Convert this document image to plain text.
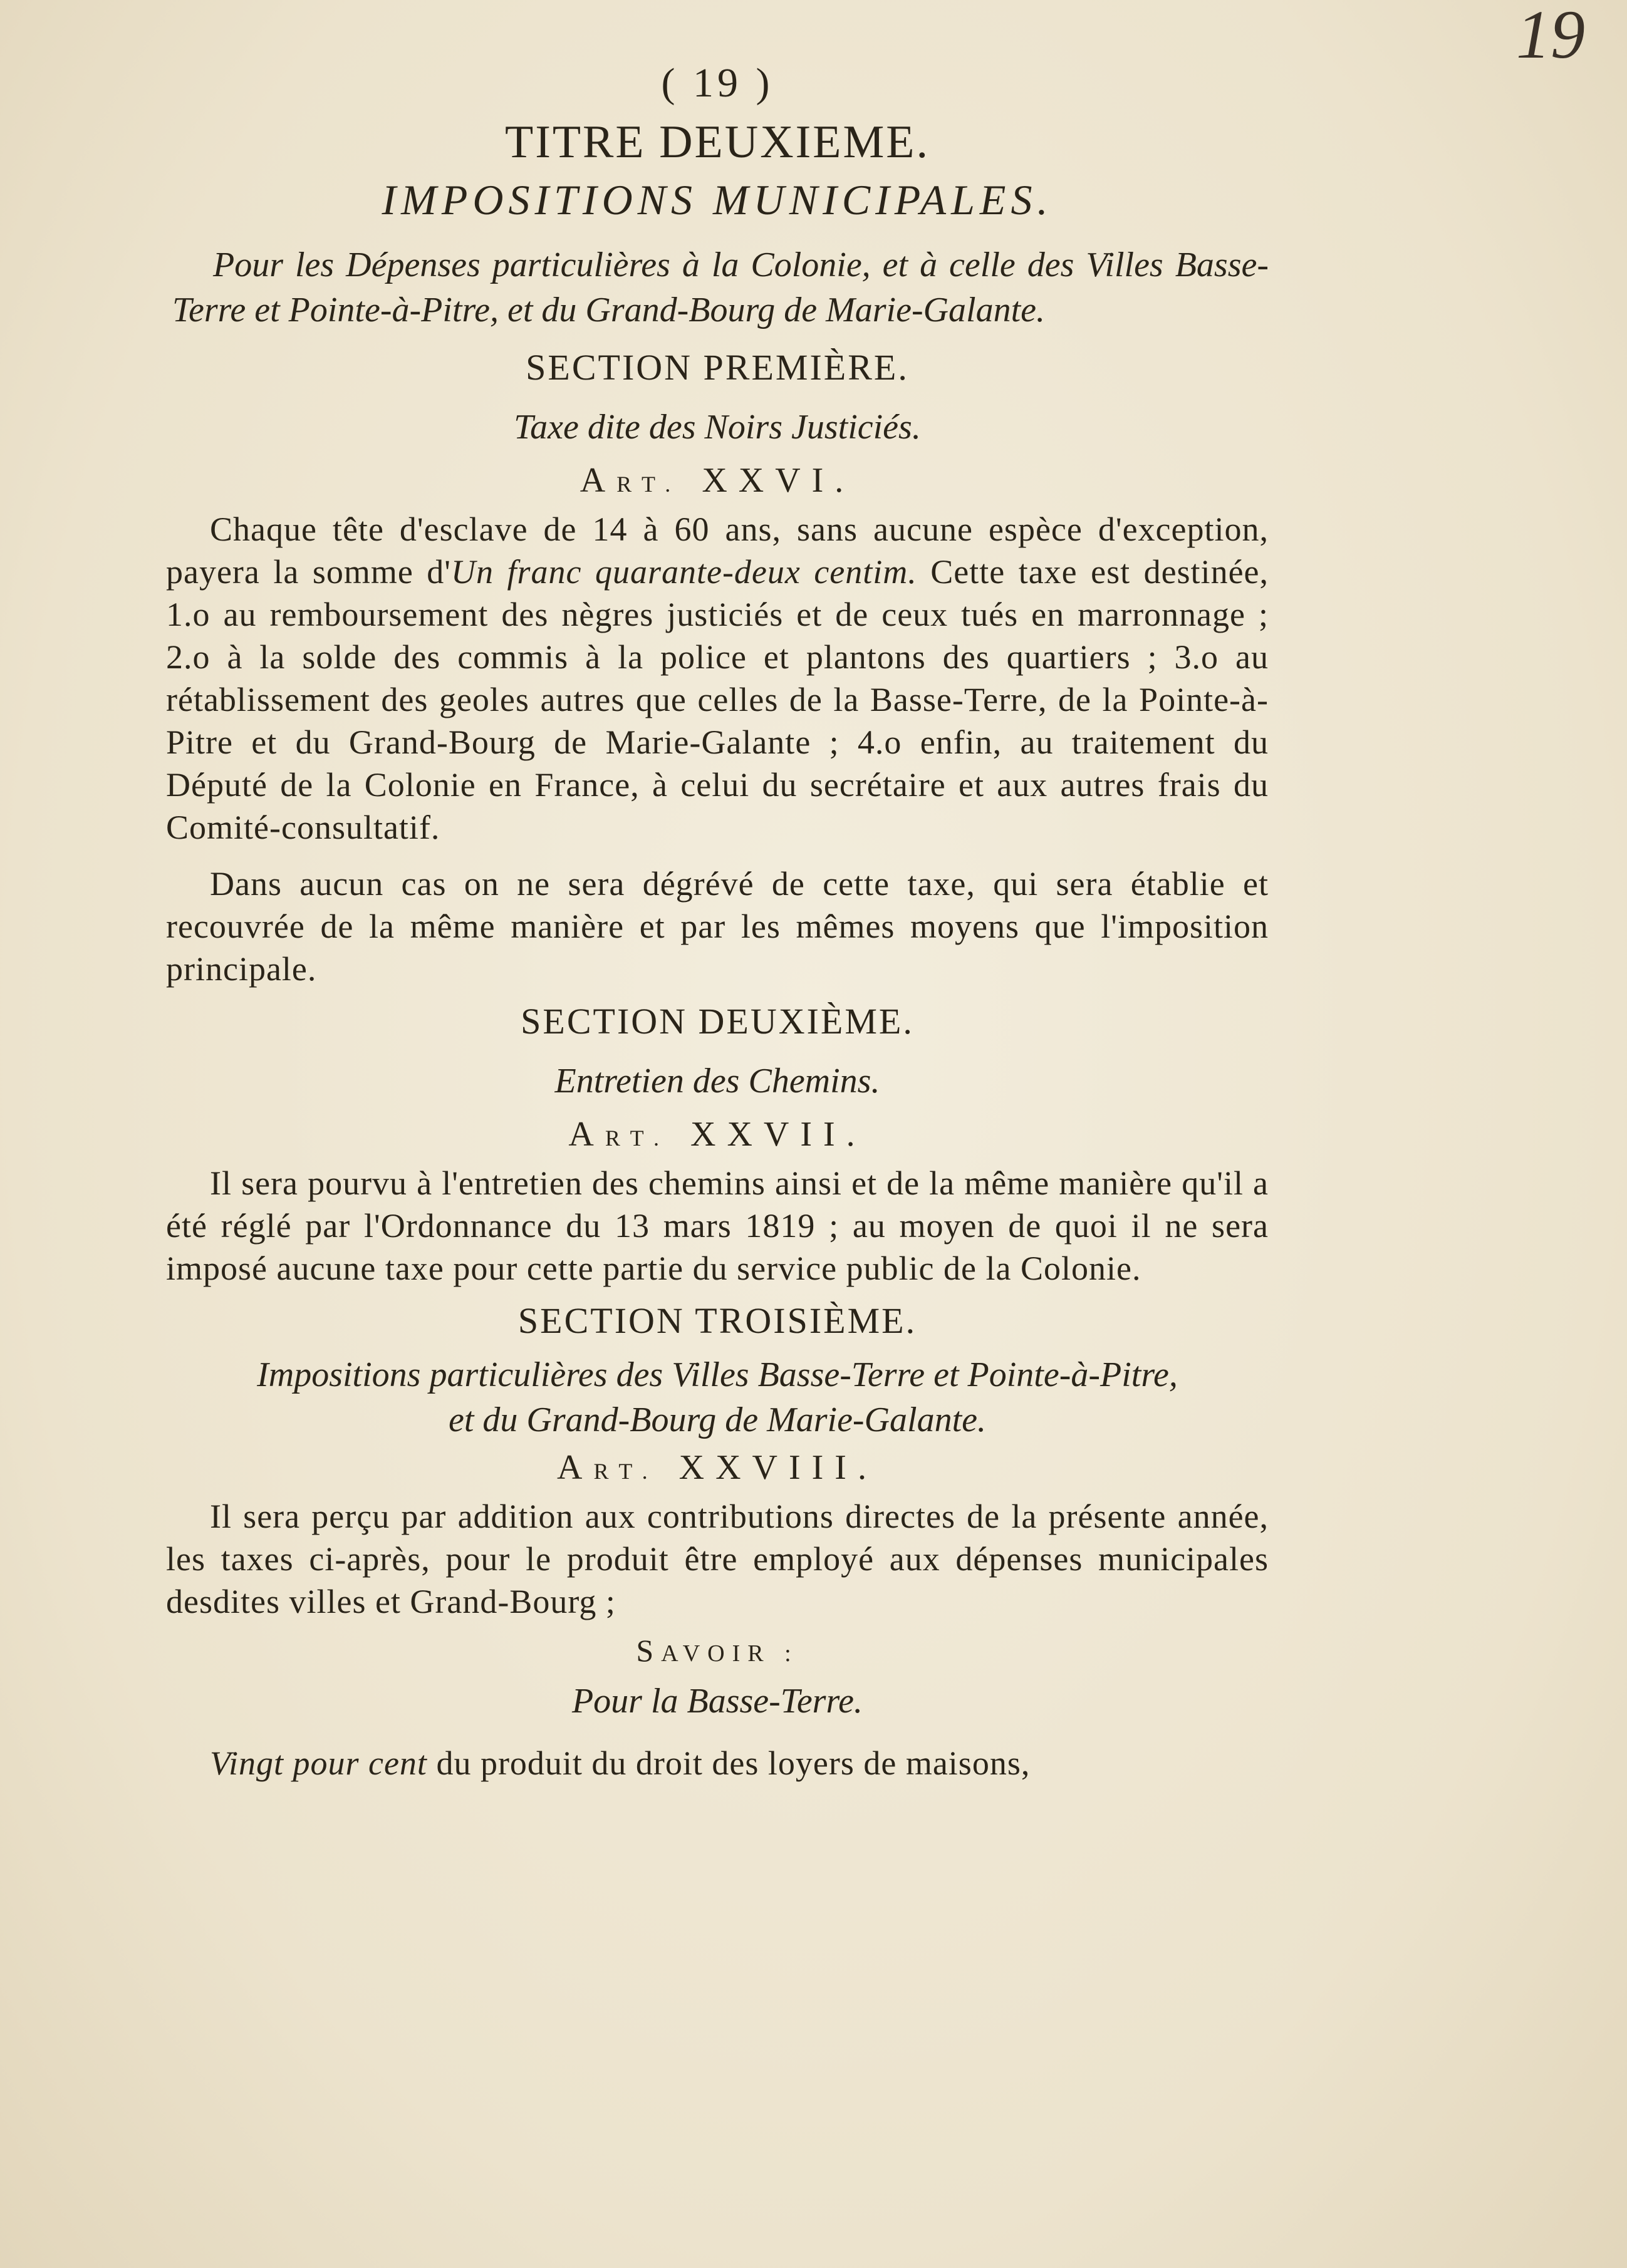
19
( 19 )
TITRE DEUXIEME.
IMPOSITIONS MUNICIPALES.
Pour les Dépenses particulières à la Colonie, et à celle des Villes Basse-Terre et Pointe-à-Pitre, et du Grand-Bourg de Marie-Galante.
SECTION PREMIÈRE.
Taxe dite des Noirs Justiciés.
ART. XXVI.

Chaque tête d'esclave de 14 à 60 ans, sans aucune espèce d'exception, payera la somme d'Un franc quarante-deux centim. Cette taxe est destinée, 1.o au remboursement des nègres justiciés et de ceux tués en marronnage ; 2.o à la solde des commis à la police et plantons des quartiers ; 3.o au rétablissement des geoles autres que celles de la Basse-Terre, de la Pointe-à-Pitre et du Grand-Bourg de Marie-Galante ; 4.o enfin, au traitement du Député de la Colonie en France, à celui du secrétaire et aux autres frais du Comité-consultatif.

Dans aucun cas on ne sera dégrévé de cette taxe, qui sera établie et recouvrée de la même manière et par les mêmes moyens que l'imposition principale.

SECTION DEUXIÈME.
Entretien des Chemins.
ART. XXVII.

Il sera pourvu à l'entretien des chemins ainsi et de la même manière qu'il a été réglé par l'Ordonnance du 13 mars 1819 ; au moyen de quoi il ne sera imposé aucune taxe pour cette partie du service public de la Colonie.

SECTION TROISIÈME.
Impositions particulières des Villes Basse-Terre et Pointe-à-Pitre,
et du Grand-Bourg de Marie-Galante.
ART. XXVIII.

Il sera perçu par addition aux contributions directes de la présente année, les taxes ci-après, pour le produit être employé aux dépenses municipales desdites villes et Grand-Bourg ;

SAVOIR :
Pour la Basse-Terre.
Vingt pour cent du produit du droit des loyers de maisons,
